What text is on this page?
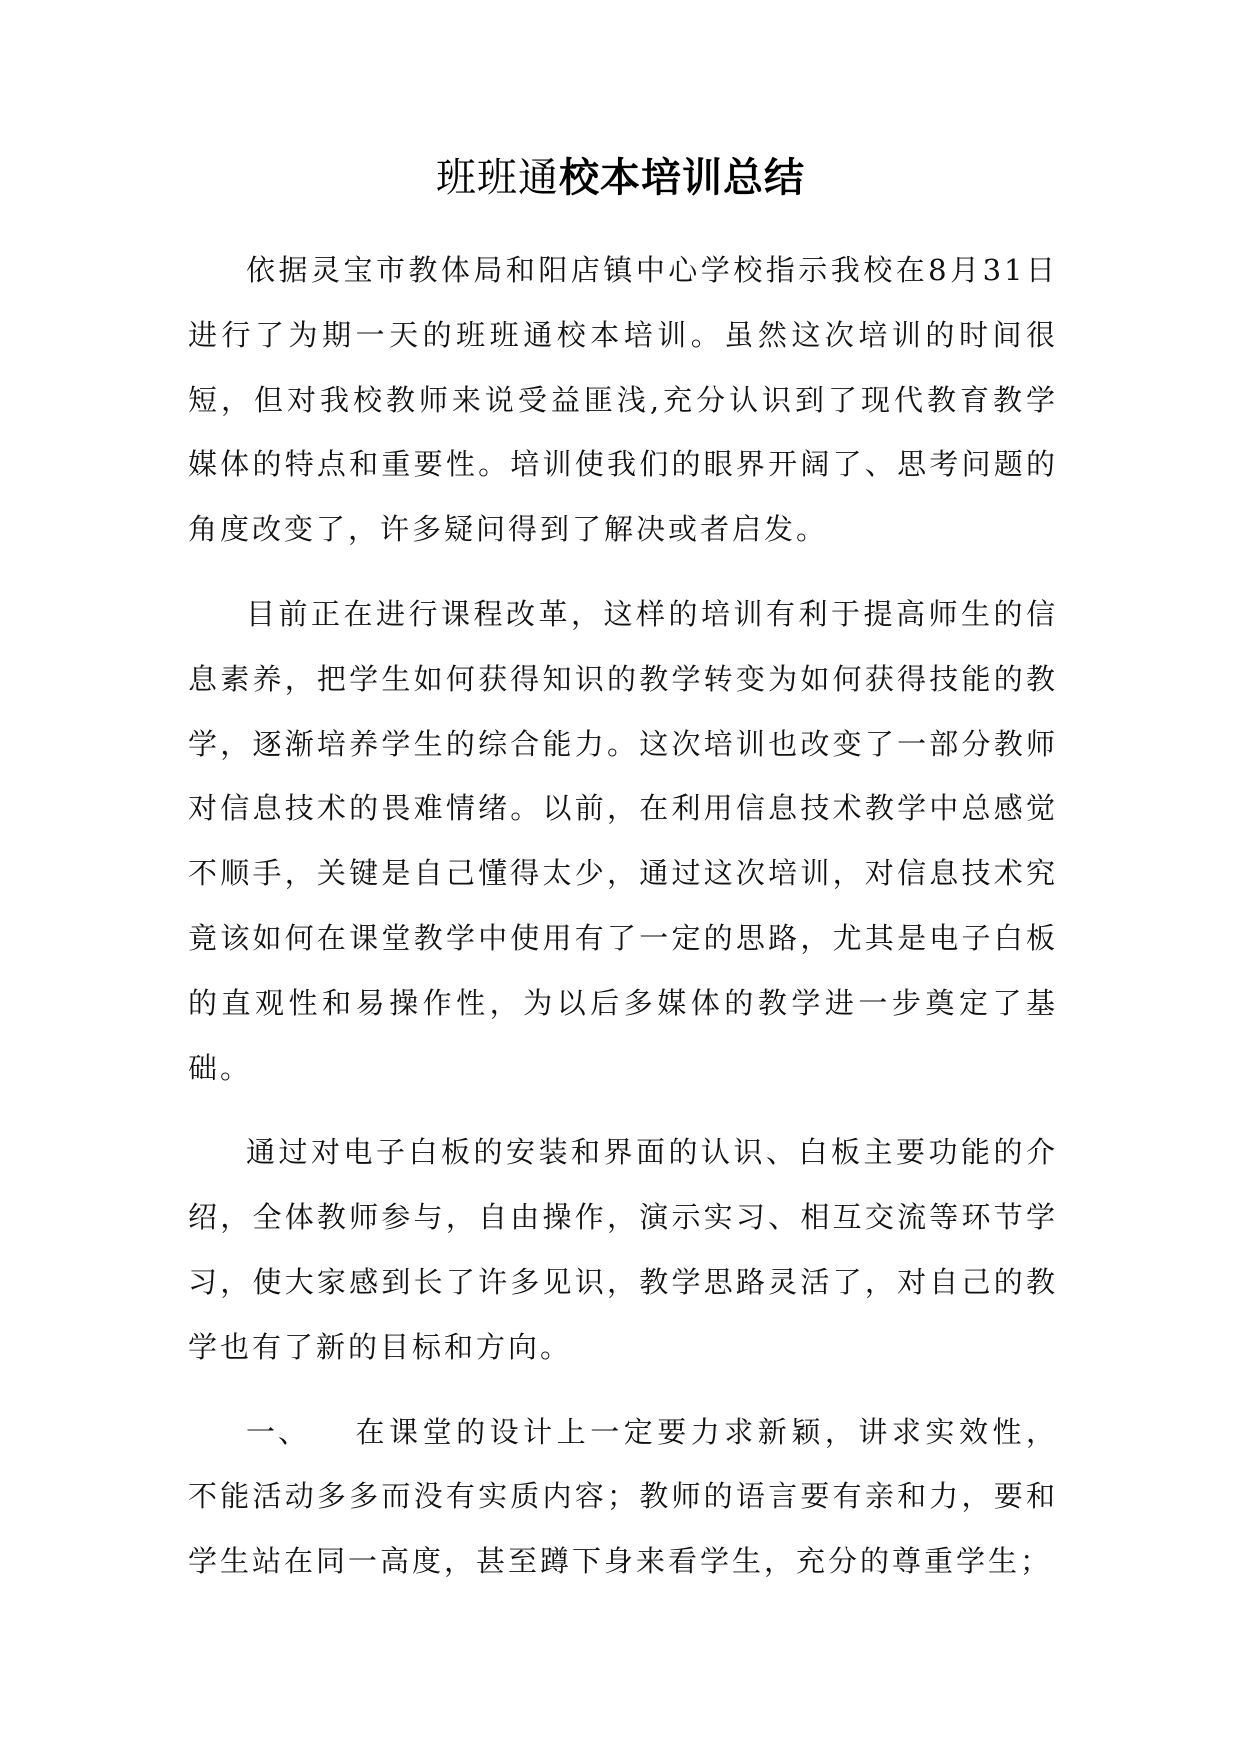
班班通校本培训总结

依据灵宝市教体局和阳店镇中心学校指示我校在8月31日进行了为期一天的班班通校本培训。虽然这次培训的时间很短，但对我校教师来说受益匪浅,充分认识到了现代教育教学媒体的特点和重要性。培训使我们的眼界开阔了、思考问题的角度改变了，许多疑问得到了解决或者启发。

目前正在进行课程改革，这样的培训有利于提高师生的信息素养，把学生如何获得知识的教学转变为如何获得技能的教学，逐渐培养学生的综合能力。这次培训也改变了一部分教师对信息技术的畏难情绪。以前，在利用信息技术教学中总感觉不顺手，关键是自己懂得太少，通过这次培训，对信息技术究竟该如何在课堂教学中使用有了一定的思路，尤其是电子白板的直观性和易操作性，为以后多媒体的教学进一步奠定了基础。

通过对电子白板的安装和界面的认识、白板主要功能的介绍，全体教师参与，自由操作，演示实习、相互交流等环节学习，使大家感到长了许多见识，教学思路灵活了，对自己的教学也有了新的目标和方向。

一、 在课堂的设计上一定要力求新颖，讲求实效性，不能活动多多而没有实质内容；教师的语言要有亲和力，要和学生站在同一高度，甚至蹲下身来看学生，充分的尊重学生；
